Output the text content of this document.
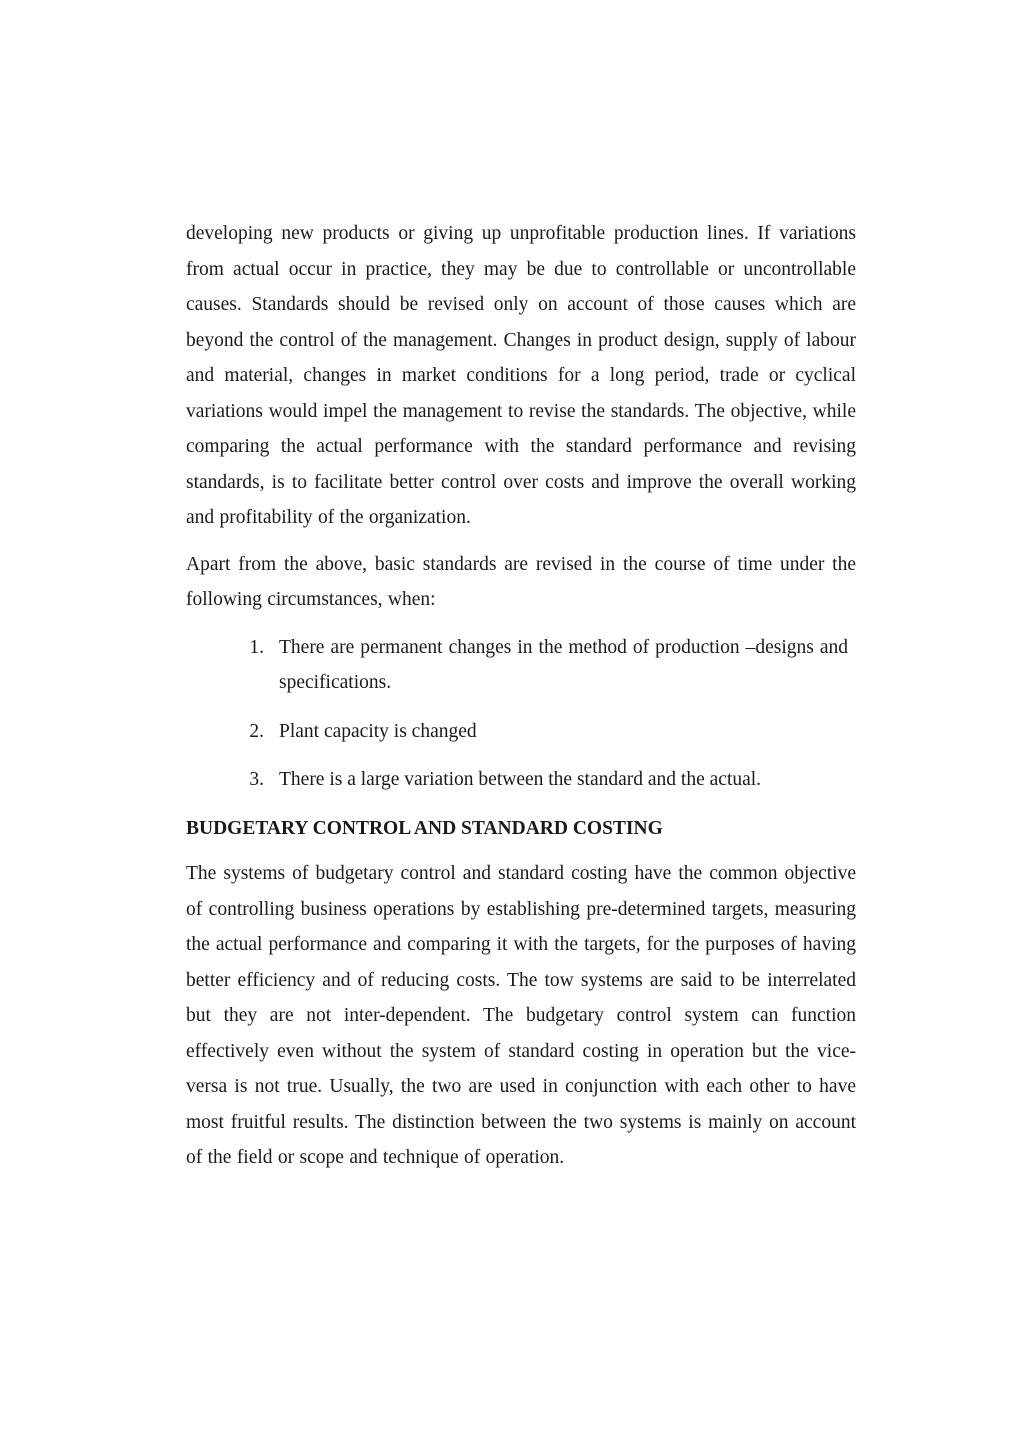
developing new products or giving up unprofitable production lines. If variations from actual occur in practice, they may be due to controllable or uncontrollable causes. Standards should be revised only on account of those causes which are beyond the control of the management. Changes in product design, supply of labour and material, changes in market conditions for a long period, trade or cyclical variations would impel the management to revise the standards. The objective, while comparing the actual performance with the standard performance and revising standards, is to facilitate better control over costs and improve the overall working and profitability of the organization.

Apart from the above, basic standards are revised in the course of time under the following circumstances, when:

1. There are permanent changes in the method of production –designs and specifications.
2. Plant capacity is changed
3. There is a large variation between the standard and the actual.
BUDGETARY CONTROL AND STANDARD COSTING

The systems of budgetary control and standard costing have the common objective of controlling business operations by establishing pre-determined targets, measuring the actual performance and comparing it with the targets, for the purposes of having better efficiency and of reducing costs. The tow systems are said to be interrelated but they are not inter-dependent. The budgetary control system can function effectively even without the system of standard costing in operation but the vice-versa is not true. Usually, the two are used in conjunction with each other to have most fruitful results. The distinction between the two systems is mainly on account of the field or scope and technique of operation.
